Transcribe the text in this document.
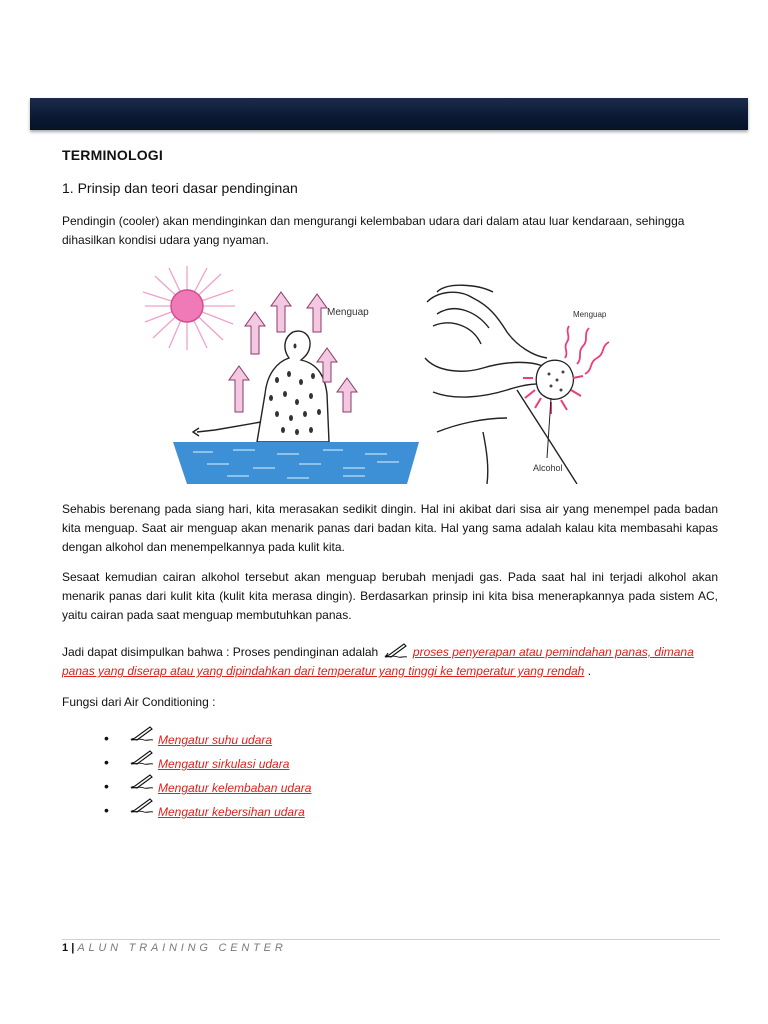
TERMINOLOGI
1. Prinsip dan teori dasar pendinginan
Pendingin (cooler) akan mendinginkan dan mengurangi kelembaban udara dari dalam atau luar kendaraan, sehingga dihasilkan kondisi udara yang nyaman.
Menguap	Menguap
Alcohol
Sehabis berenang pada siang hari, kita merasakan sedikit dingin. Hal ini akibat dari sisa air yang menempel pada badan kita menguap. Saat air menguap akan menarik panas dari badan kita. Hal yang sama adalah kalau kita membasahi kapas dengan alkohol dan menempelkannya pada kulit kita.
Sesaat kemudian cairan alkohol tersebut akan menguap berubah menjadi gas. Pada saat hal ini terjadi alkohol akan menarik panas dari kulit kita (kulit kita merasa dingin). Berdasarkan prinsip ini kita bisa menerapkannya pada sistem AC, yaitu cairan pada saat menguap membutuhkan panas.
Jadi dapat disimpulkan bahwa : Proses pendinginan adalah	proses penyerapan atau pemindahan panas, dimana panas yang diserap atau yang dipindahkan dari temperatur yang tinggi ke temperatur yang rendah .
Fungsi dari Air Conditioning :
•	Mengatur suhu udara
•	Mengatur sirkulasi udara
•	Mengatur kelembaban udara
•	Mengatur kebersihan udara
1 | ALUN TRAINING CENTER
